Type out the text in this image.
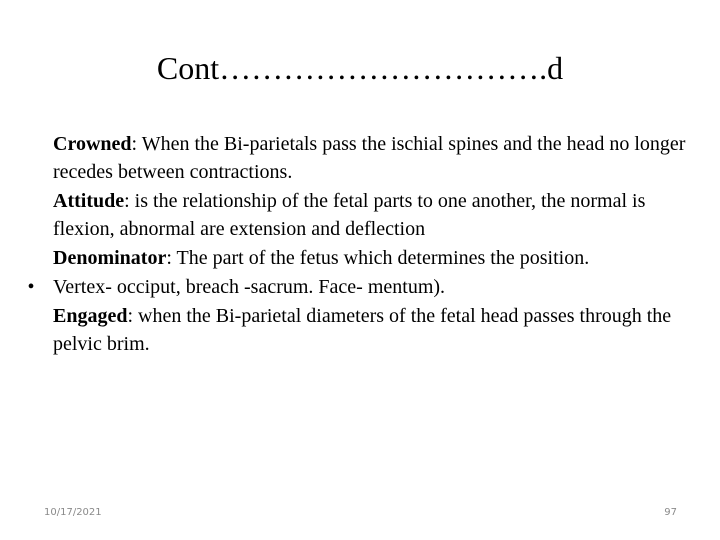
Cont………………………….d

Crowned: When the Bi-parietals pass the ischial spines and the head no longer recedes between contractions.

Attitude: is the relationship of the fetal parts to one another, the normal is flexion, abnormal are extension and deflection

Denominator: The part of the fetus which determines the position.

• Vertex- occiput, breach -sacrum. Face- mentum).

Engaged: when the Bi-parietal diameters of the fetal head passes through the pelvic brim.

10/17/2021	97
